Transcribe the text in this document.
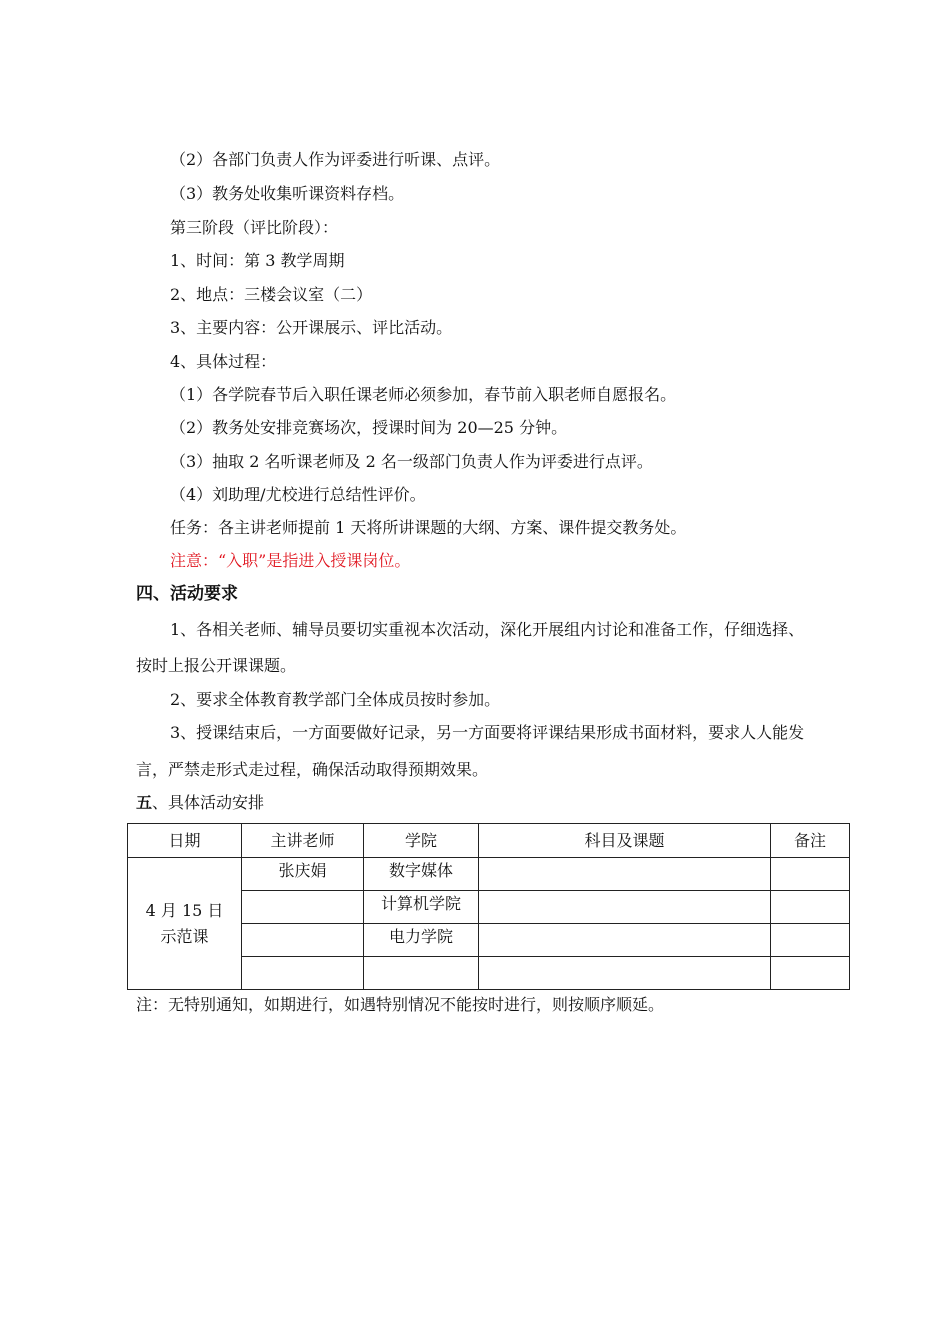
（2）各部门负责人作为评委进行听课、点评。
（3）教务处收集听课资料存档。
第三阶段（评比阶段）：
1、时间：第 3 教学周期
2、地点：三楼会议室（二）
3、主要内容：公开课展示、评比活动。
4、具体过程：
（1）各学院春节后入职任课老师必须参加，春节前入职老师自愿报名。
（2）教务处安排竞赛场次，授课时间为 20—25 分钟。
（3）抽取 2 名听课老师及 2 名一级部门负责人作为评委进行点评。
（4）刘助理/尤校进行总结性评价。
任务：各主讲老师提前 1 天将所讲课题的大纲、方案、课件提交教务处。
注意：“入职”是指进入授课岗位。
四、活动要求
1、各相关老师、辅导员要切实重视本次活动，深化开展组内讨论和准备工作，仔细选择、
按时上报公开课课题。
2、要求全体教育教学部门全体成员按时参加。
3、授课结束后，一方面要做好记录，另一方面要将评课结果形成书面材料，要求人人能发
言，严禁走形式走过程，确保活动取得预期效果。
五、具体活动安排
日期	主讲老师	学院	科目及课题	备注

4 月 15 日
示范课	张庆娟	数字媒体		
		计算机学院		
		电力学院		

注：无特别通知，如期进行，如遇特别情况不能按时进行，则按顺序顺延。
